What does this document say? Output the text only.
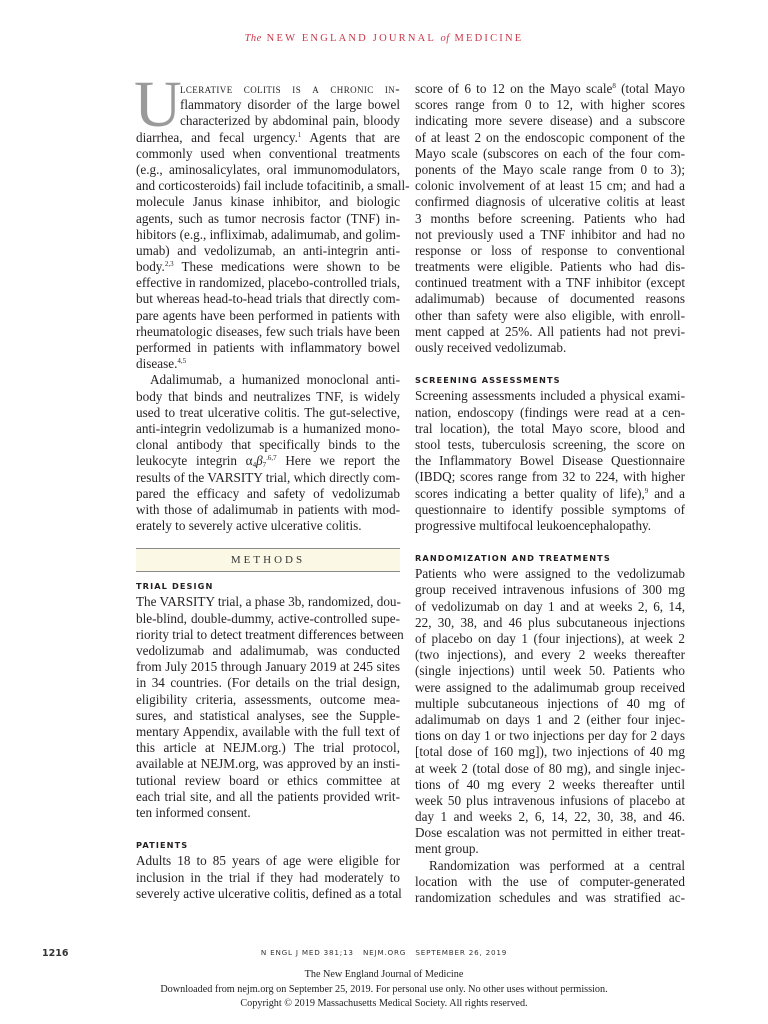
The NEW ENGLAND JOURNAL of MEDICINE
U
lcerative colitis is a chronic in-
flammatory disorder of the large bowel
characterized by abdominal pain, bloody
diarrhea, and fecal urgency.$^1$ Agents that are
commonly used when conventional treatments
(e.g., aminosalicylates, oral immunomodulators,
and corticosteroids) fail include tofacitinib, a small-
molecule Janus kinase inhibitor, and biologic
agents, such as tumor necrosis factor (TNF) in-
hibitors (e.g., infliximab, adalimumab, and golim-
umab) and vedolizumab, an anti-integrin anti-
body.$^{2,3}$ These medications were shown to be
effective in randomized, placebo-controlled trials,
but whereas head-to-head trials that directly com-
pare agents have been performed in patients with
rheumatologic diseases, few such trials have been
performed in patients with inflammatory bowel
disease.$^{4,5}$
Adalimumab, a humanized monoclonal anti-
body that binds and neutralizes TNF, is widely
used to treat ulcerative colitis. The gut-selective,
anti-integrin vedolizumab is a humanized mono-
clonal antibody that specifically binds to the
leukocyte integrin $\alpha_4\beta_7^{.6,7}$ Here we report the
results of the VARSITY trial, which directly com-
pared the efficacy and safety of vedolizumab
with those of adalimumab in patients with mod-
erately to severely active ulcerative colitis.
METHODS
TRIAL DESIGN
The VARSITY trial, a phase 3b, randomized, dou-
ble-blind, double-dummy, active-controlled supe-
riority trial to detect treatment differences between
vedolizumab and adalimumab, was conducted
from July 2015 through January 2019 at 245 sites
in 34 countries. (For details on the trial design,
eligibility criteria, assessments, outcome mea-
sures, and statistical analyses, see the Supple-
mentary Appendix, available with the full text of
this article at NEJM.org.) The trial protocol,
available at NEJM.org, was approved by an insti-
tutional review board or ethics committee at
each trial site, and all the patients provided writ-
ten informed consent.
PATIENTS
Adults 18 to 85 years of age were eligible for
inclusion in the trial if they had moderately to
severely active ulcerative colitis, defined as a total
score of 6 to 12 on the Mayo scale$^8$ (total Mayo
scores range from 0 to 12, with higher scores
indicating more severe disease) and a subscore
of at least 2 on the endoscopic component of the
Mayo scale (subscores on each of the four com-
ponents of the Mayo scale range from 0 to 3);
colonic involvement of at least 15 cm; and had a
confirmed diagnosis of ulcerative colitis at least
3 months before screening. Patients who had
not previously used a TNF inhibitor and had no
response or loss of response to conventional
treatments were eligible. Patients who had dis-
continued treatment with a TNF inhibitor (except
adalimumab) because of documented reasons
other than safety were also eligible, with enroll-
ment capped at 25%. All patients had not previ-
ously received vedolizumab.
SCREENING ASSESSMENTS
Screening assessments included a physical exami-
nation, endoscopy (findings were read at a cen-
tral location), the total Mayo score, blood and
stool tests, tuberculosis screening, the score on
the Inflammatory Bowel Disease Questionnaire
(IBDQ; scores range from 32 to 224, with higher
scores indicating a better quality of life),$^9$ and a
questionnaire to identify possible symptoms of
progressive multifocal leukoencephalopathy.
RANDOMIZATION AND TREATMENTS
Patients who were assigned to the vedolizumab
group received intravenous infusions of 300 mg
of vedolizumab on day 1 and at weeks 2, 6, 14,
22, 30, 38, and 46 plus subcutaneous injections
of placebo on day 1 (four injections), at week 2
(two injections), and every 2 weeks thereafter
(single injections) until week 50. Patients who
were assigned to the adalimumab group received
multiple subcutaneous injections of 40 mg of
adalimumab on days 1 and 2 (either four injec-
tions on day 1 or two injections per day for 2 days
[total dose of 160 mg]), two injections of 40 mg
at week 2 (total dose of 80 mg), and single injec-
tions of 40 mg every 2 weeks thereafter until
week 50 plus intravenous infusions of placebo at
day 1 and weeks 2, 6, 14, 22, 30, 38, and 46.
Dose escalation was not permitted in either treat-
ment group.
Randomization was performed at a central
location with the use of computer-generated
randomization schedules and was stratified ac-
1216	N ENGL J MED 381;13   NEJM.ORG   SEPTEMBER 26, 2019
The New England Journal of Medicine
Downloaded from nejm.org on September 25, 2019. For personal use only. No other uses without permission.
Copyright © 2019 Massachusetts Medical Society. All rights reserved.
